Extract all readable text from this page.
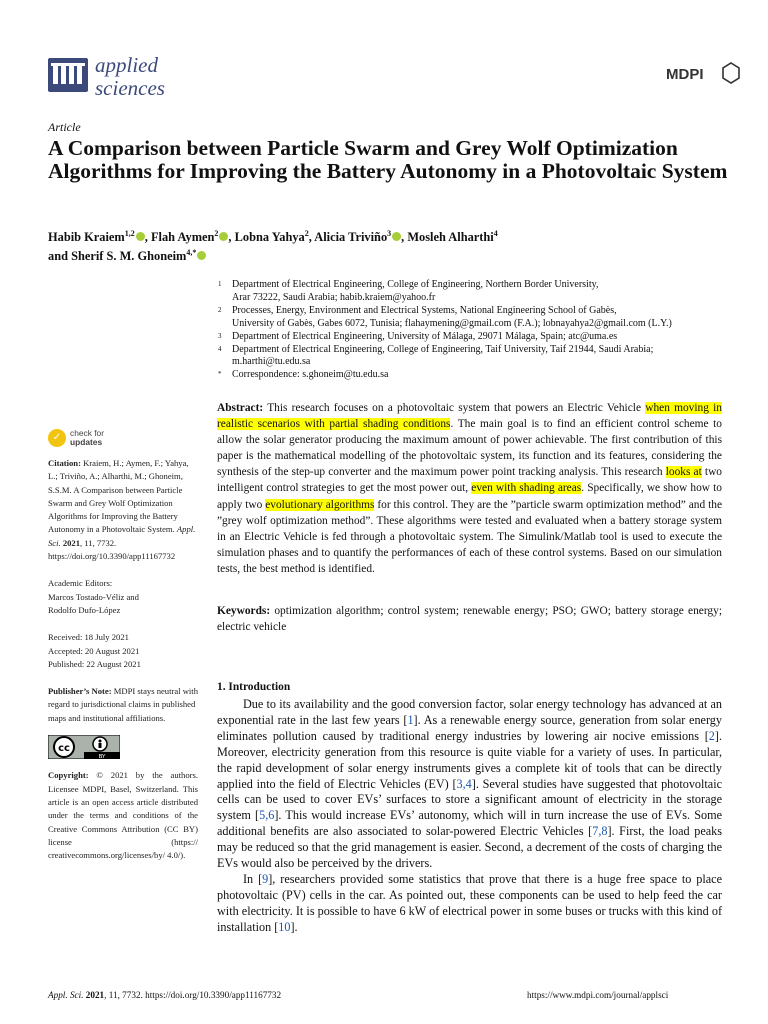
applied
sciences
MDPI
Article
A Comparison between Particle Swarm and Grey Wolf Optimization Algorithms for Improving the Battery Autonomy in a Photovoltaic System
Habib Kraiem$^{1,2}$ , Flah Aymen$^2$ , Lobna Yahya$^2$, Alicia Triviño$^3$ , Mosleh Alharthi$^4$
and Sherif S. M. Ghoneim$^{4,*}$
1 Department of Electrical Engineering, College of Engineering, Northern Border University,
Arar 73222, Saudi Arabia; habib.kraiem@yahoo.fr
2 Processes, Energy, Environment and Electrical Systems, National Engineering School of Gabès,
University of Gabès, Gabes 6072, Tunisia; flahaymening@gmail.com (F.A.); lobnayahya2@gmail.com (L.Y.)
3 Department of Electrical Engineering, University of Málaga, 29071 Málaga, Spain; atc@uma.es
4 Department of Electrical Engineering, College of Engineering, Taif University, Taif 21944, Saudi Arabia;
m.harthi@tu.edu.sa
* Correspondence: s.ghoneim@tu.edu.sa
✓	check for
updates

Citation: Kraiem, H.; Aymen, F.; Yahya, L.; Triviño, A.; Alharthi, M.; Ghoneim, S.S.M. A Comparison between Particle Swarm and Grey Wolf Optimization Algorithms for Improving the Battery Autonomy in a Photovoltaic System. Appl. Sci. 2021, 11, 7732. https://doi.org/10.3390/app11167732

Academic Editors:
Marcos Tostado-Véliz and
Rodolfo Dufo-López

Received: 18 July 2021
Accepted: 20 August 2021
Published: 22 August 2021

Publisher’s Note: MDPI stays neutral with regard to jurisdictional claims in published maps and institutional affiliations.

cc
BY

Copyright: © 2021 by the authors. Licensee MDPI, Basel, Switzerland. This article is an open access article distributed under the terms and conditions of the Creative Commons Attribution (CC BY) license (https:// creativecommons.org/licenses/by/ 4.0/).

Abstract: This research focuses on a photovoltaic system that powers an Electric Vehicle when moving in realistic scenarios with partial shading conditions. The main goal is to find an efficient control scheme to allow the solar generator producing the maximum amount of power achievable. The first contribution of this paper is the mathematical modelling of the photovoltaic system, its function and its features, considering the synthesis of the step-up converter and the maximum power point tracking analysis. This research looks at two intelligent control strategies to get the most power out, even with shading areas. Specifically, we show how to apply two evolutionary algorithms for this control. They are the ”particle swarm optimization method” and the ”grey wolf optimization method”. These algorithms were tested and evaluated when a battery storage system in an Electric Vehicle is fed through a photovoltaic system. The Simulink/Matlab tool is used to execute the simulation phases and to quantify the performances of each of these control systems. Based on our simulation tests, the best method is identified.
Keywords: optimization algorithm; control system; renewable energy; PSO; GWO; battery storage energy; electric vehicle
1. Introduction

Due to its availability and the good conversion factor, solar energy technology has advanced at an exponential rate in the last few years [1]. As a renewable energy source, generation from solar energy eliminates pollution caused by traditional energy industries by lowering air nocive emissions [2]. Moreover, electricity generation from this resource is quite viable for a variety of uses. In particular, the rapid development of solar energy instruments gives a complete kit of tools that can be directly applied into the field of Electric Vehicles (EV) [3,4]. Several studies have suggested that photovoltaic cells can be used to cover EVs’ surfaces to store a significant amount of electricity in the storage system [5,6]. This would increase EVs’ autonomy, which will in turn increase the use of EVs. Some additional benefits are also associated to solar-powered Electric Vehicles [7,8]. First, the load peaks may be reduced so that the grid management is easier. Second, a decrement of the costs of charging the EVs would also be perceived by the drivers.

In [9], researchers provided some statistics that prove that there is a huge free space to place photovoltaic (PV) cells in the car. As pointed out, these components can be used to help feed the car with electricity. It is possible to have 6 kW of electrical power in some buses or trucks with this kind of installation [10].

Appl. Sci. 2021, 11, 7732. https://doi.org/10.3390/app11167732	https://www.mdpi.com/journal/applsci
